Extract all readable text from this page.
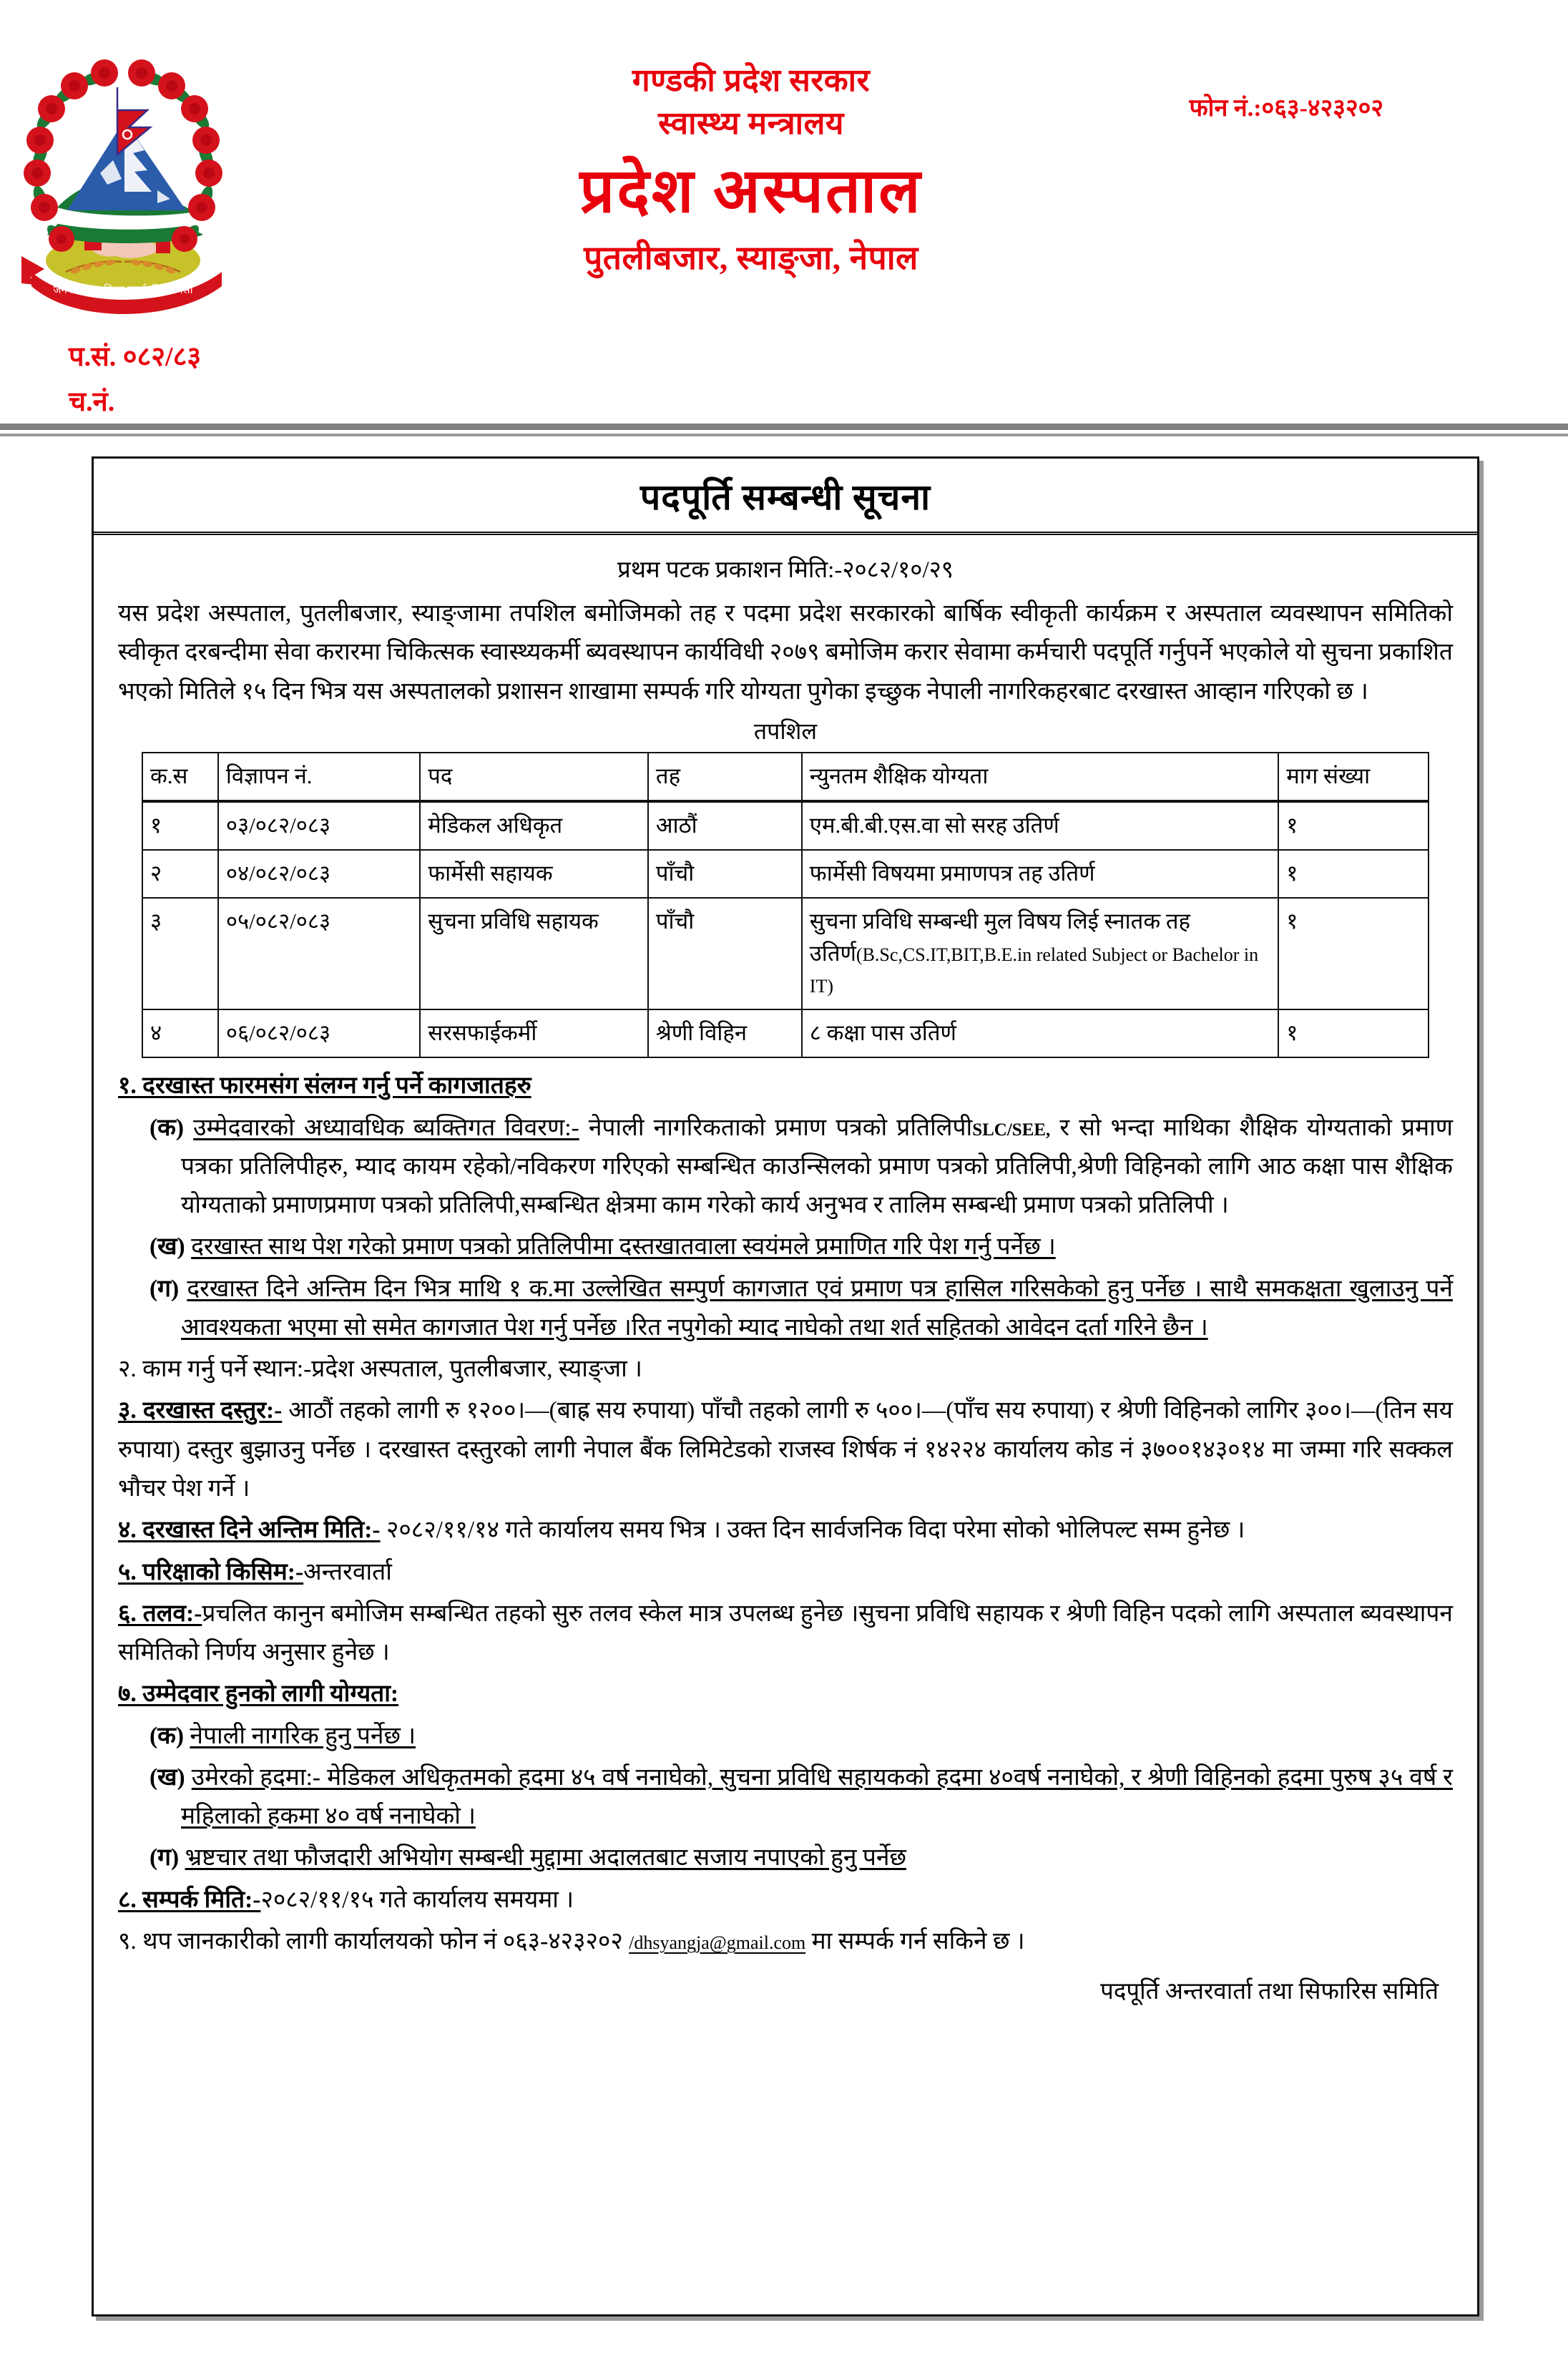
जननी जन्मभूमिश्च स्वर्गादपि गरीयसी
गण्डकी प्रदेश सरकार
स्वास्थ्य मन्त्रालय
प्रदेश अस्पताल
पुतलीबजार, स्याङ्जा, नेपाल
फोन नं.:०६३-४२३२०२
प.सं. ०८२/८३
च.नं.
पदपूर्ति सम्बन्धी सूचना
प्रथम पटक प्रकाशन मिति:-२०८२/१०/२९

यस प्रदेश अस्पताल, पुतलीबजार, स्याङ्जामा तपशिल बमोजिमको तह र पदमा प्रदेश सरकारको बार्षिक स्वीकृती कार्यक्रम र अस्पताल व्यवस्थापन समितिको स्वीकृत दरबन्दीमा सेवा करारमा चिकित्सक स्वास्थ्यकर्मी ब्यवस्थापन कार्यविधी २०७९ बमोजिम करार सेवामा कर्मचारी पदपूर्ति गर्नुपर्ने भएकोले यो सुचना प्रकाशित भएको मितिले १५ दिन भित्र यस अस्पतालको प्रशासन शाखामा सम्पर्क गरि योग्यता पुगेका इच्छुक नेपाली नागरिकहरबाट दरखास्त आव्हान गरिएको छ ।

तपशिल
क.स	विज्ञापन नं.	पद	तह	न्युनतम शैक्षिक योग्यता	माग संख्या
१	०३/०८२/०८३	मेडिकल अधिकृत	आठौं	एम.बी.बी.एस.वा सो सरह उतिर्ण	१
२	०४/०८२/०८३	फार्मेसी सहायक	पाँचौ	फार्मेसी विषयमा प्रमाणपत्र तह उतिर्ण	१
३	०५/०८२/०८३	सुचना प्रविधि सहायक	पाँचौ	सुचना प्रविधि सम्बन्धी मुल विषय लिई स्नातक तह उतिर्ण(B.Sc,CS.IT,BIT,B.E.in related Subject or Bachelor in IT)	१
४	०६/०८२/०८३	सरसफाईकर्मी	श्रेणी विहिन	८ कक्षा पास उतिर्ण	१

१. दरखास्त फारमसंग संलग्न गर्नु पर्ने कागजातहरु

(क) उम्मेदवारको अध्यावधिक ब्यक्तिगत विवरण:- नेपाली नागरिकताको प्रमाण पत्रको प्रतिलिपीSLC/SEE, र सो भन्दा माथिका शैक्षिक योग्यताको प्रमाण पत्रका प्रतिलिपीहरु, म्याद कायम रहेको/नविकरण गरिएको सम्बन्धित काउन्सिलको प्रमाण पत्रको प्रतिलिपी,श्रेणी विहिनको लागि आठ कक्षा पास शैक्षिक योग्यताको प्रमाणप्रमाण पत्रको प्रतिलिपी,सम्बन्धित क्षेत्रमा काम गरेको कार्य अनुभव र तालिम सम्बन्धी प्रमाण पत्रको प्रतिलिपी ।

(ख) दरखास्त साथ पेश गरेको प्रमाण पत्रको प्रतिलिपीमा दस्तखातवाला स्वयंमले प्रमाणित गरि पेश गर्नु पर्नेछ ।

(ग) दरखास्त दिने अन्तिम दिन भित्र माथि १ क.मा उल्लेखित सम्पुर्ण कागजात एवं प्रमाण पत्र हासिल गरिसकेको हुनु पर्नेछ । साथै समकक्षता खुलाउनु पर्ने आवश्यकता भएमा सो समेत कागजात पेश गर्नु पर्नेछ ।रित नपुगेको म्याद नाघेको तथा शर्त सहितको आवेदन दर्ता गरिने छैन ।

२. काम गर्नु पर्ने स्थान:-प्रदेश अस्पताल, पुतलीबजार, स्याङ्जा ।

३. दरखास्त दस्तुर:- आठौं तहको लागी रु १२००।—(बाह्र सय रुपाया) पाँचौ तहको लागी रु ५००।—(पाँच सय रुपाया) र श्रेणी विहिनको लागिर ३००।—(तिन सय रुपाया) दस्तुर बुझाउनु पर्नेछ । दरखास्त दस्तुरको लागी नेपाल बैंक लिमिटेडको राजस्व शिर्षक नं १४२२४ कार्यालय कोड नं ३७००१४३०१४ मा जम्मा गरि सक्कल भौचर पेश गर्ने ।

४. दरखास्त दिने अन्तिम मिति:- २०८२/११/१४ गते कार्यालय समय भित्र । उक्त दिन सार्वजनिक विदा परेमा सोको भोलिपल्ट सम्म हुनेछ ।

५. परिक्षाको किसिम:-अन्तरवार्ता

६. तलव:-प्रचलित कानुन बमोजिम सम्बन्धित तहको सुरु तलव स्केल मात्र उपलब्ध हुनेछ ।सुचना प्रविधि सहायक र श्रेणी विहिन पदको लागि अस्पताल ब्यवस्थापन समितिको निर्णय अनुसार हुनेछ ।

७. उम्मेदवार हुनको लागी योग्यता:

(क) नेपाली नागरिक हुनु पर्नेछ ।

(ख) उमेरको हदमा:- मेडिकल अधिकृतमको हदमा ४५ वर्ष ननाघेको, सुचना प्रविधि सहायकको हदमा ४०वर्ष ननाघेको, र श्रेणी विहिनको हदमा पुरुष ३५ वर्ष र महिलाको हकमा ४० वर्ष ननाघेको ।

(ग) भ्रष्टचार तथा फौजदारी अभियोग सम्बन्धी मुद्दामा अदालतबाट सजाय नपाएको हुनु पर्नेछ

८. सम्पर्क मिति:-२०८२/११/१५ गते कार्यालय समयमा ।

९. थप जानकारीको लागी कार्यालयको फोन नं ०६३-४२३२०२ /dhsyangja@gmail.com मा सम्पर्क गर्न सकिने छ ।

पदपूर्ति अन्तरवार्ता तथा सिफारिस समिति
